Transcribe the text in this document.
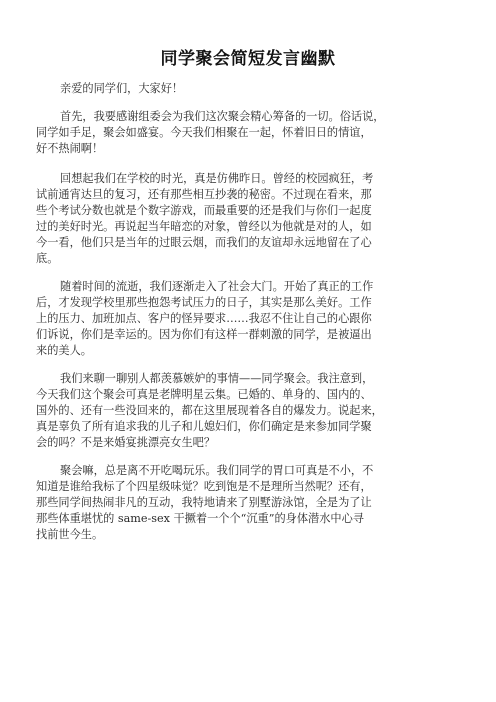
同学聚会简短发言幽默
亲爱的同学们，大家好！
首先，我要感谢组委会为我们这次聚会精心筹备的一切。俗话说，
同学如手足，聚会如盛宴。今天我们相聚在一起，怀着旧日的情谊，
好不热闹啊！
回想起我们在学校的时光，真是仿佛昨日。曾经的校园疯狂，考
试前通宵达旦的复习，还有那些相互抄袭的秘密。不过现在看来，那
些个考试分数也就是个数字游戏，而最重要的还是我们与你们一起度
过的美好时光。再说起当年暗恋的对象，曾经以为他就是对的人，如
今一看，他们只是当年的过眼云烟，而我们的友谊却永远地留在了心
底。
随着时间的流逝，我们逐渐走入了社会大门。开始了真正的工作
后，才发现学校里那些抱怨考试压力的日子，其实是那么美好。工作
上的压力、加班加点、客户的怪异要求……我忍不住让自己的心跟你
们诉说，你们是幸运的。因为你们有这样一群刺激的同学，是被逼出
来的美人。
我们来聊一聊别人都羡慕嫉妒的事情——同学聚会。我注意到，
今天我们这个聚会可真是老牌明星云集。已婚的、单身的、国内的、
国外的、还有一些没回来的，都在这里展现着各自的爆发力。说起来，
真是辜负了所有追求我的儿子和儿媳妇们，你们确定是来参加同学聚
会的吗？不是来婚宴挑漂亮女生吧？
聚会嘛，总是离不开吃喝玩乐。我们同学的胃口可真是不小，不
知道是谁给我标了个四星级味觉？吃到饱是不是理所当然呢？还有，
那些同学间热闹非凡的互动，我特地请来了别墅游泳馆，全是为了让
那些体重堪忧的 same-sex 干撅着一个个“沉重”的身体潜水中心寻
找前世今生。
